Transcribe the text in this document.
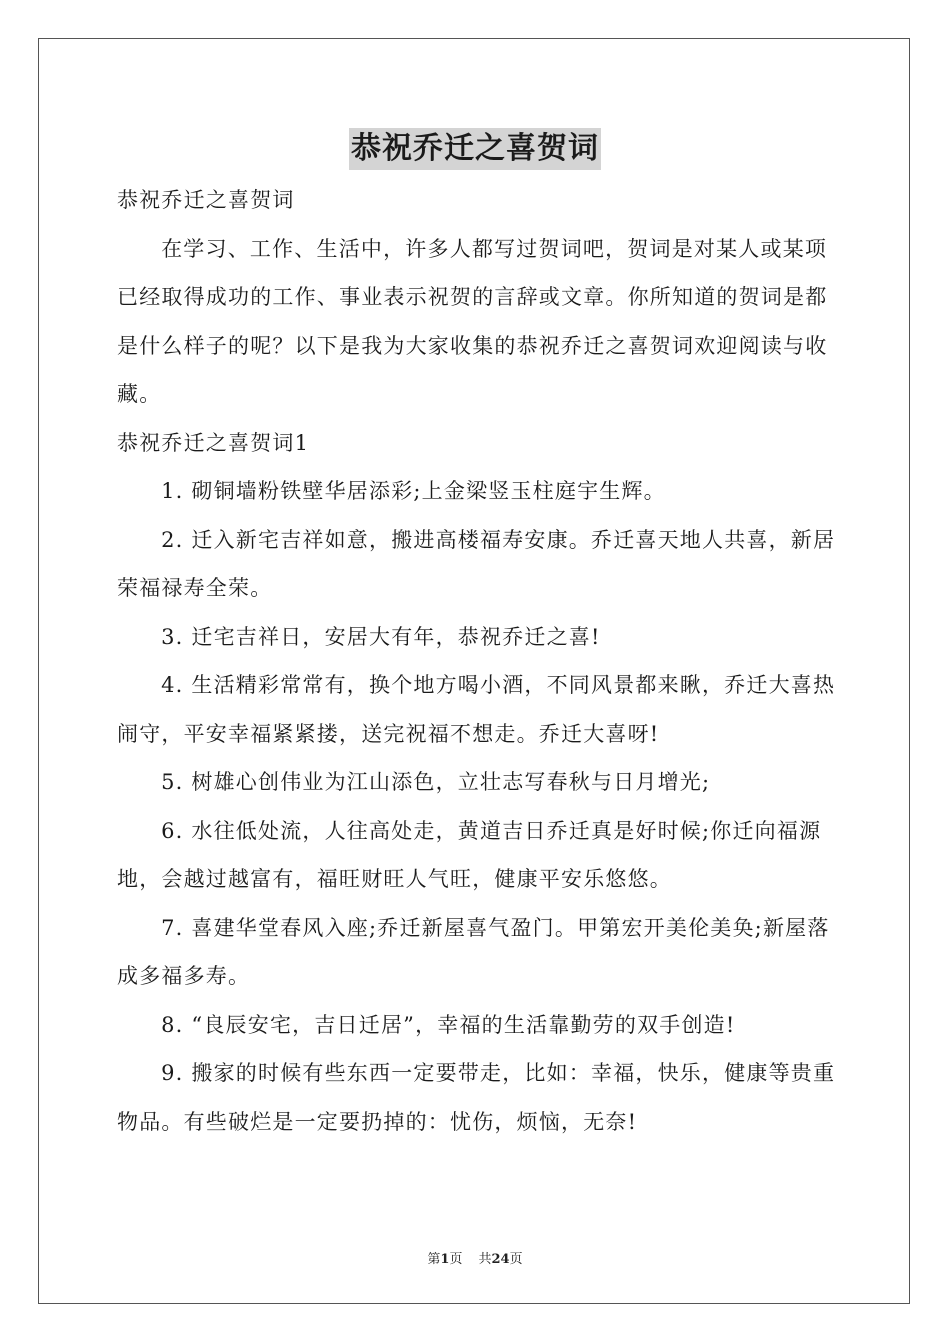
恭祝乔迁之喜贺词

恭祝乔迁之喜贺词

在学习、工作、生活中，许多人都写过贺词吧，贺词是对某人或某项已经取得成功的工作、事业表示祝贺的言辞或文章。你所知道的贺词是都是什么样子的呢？以下是我为大家收集的恭祝乔迁之喜贺词欢迎阅读与收藏。

恭祝乔迁之喜贺词1

1. 砌铜墙粉铁壁华居添彩;上金梁竖玉柱庭宇生辉。

2. 迁入新宅吉祥如意，搬进高楼福寿安康。乔迁喜天地人共喜，新居荣福禄寿全荣。

3. 迁宅吉祥日，安居大有年，恭祝乔迁之喜!

4. 生活精彩常常有，换个地方喝小酒，不同风景都来瞅，乔迁大喜热闹守，平安幸福紧紧搂，送完祝福不想走。乔迁大喜呀!

5. 树雄心创伟业为江山添色，立壮志写春秋与日月增光;

6. 水往低处流，人往高处走，黄道吉日乔迁真是好时候;你迁向福源地，会越过越富有，福旺财旺人气旺，健康平安乐悠悠。

7. 喜建华堂春风入座;乔迁新屋喜气盈门。甲第宏开美伦美奂;新屋落成多福多寿。

8. “良辰安宅，吉日迁居”，幸福的生活靠勤劳的双手创造!

9. 搬家的时候有些东西一定要带走，比如：幸福，快乐，健康等贵重物品。有些破烂是一定要扔掉的：忧伤，烦恼，无奈!

第1页 共24页
